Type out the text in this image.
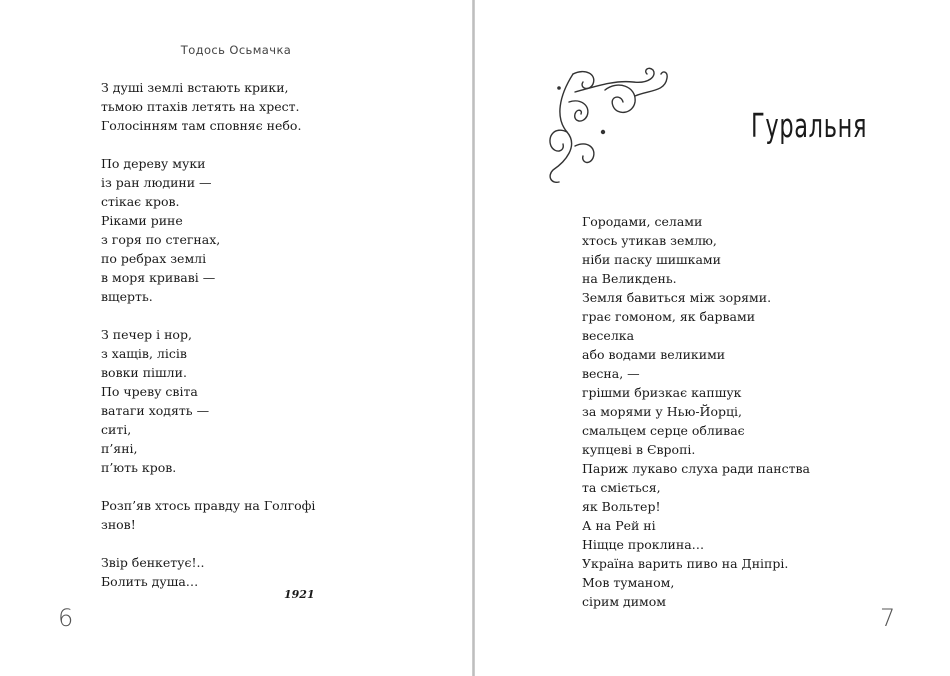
Тодось Осьмачка
З душі землі встають крики,
тьмою птахів летять на хрест.
Голосінням там сповняє небо.
По дереву муки
із ран людини —
стікає кров.
Ріками рине
з горя по стегнах,
по ребрах землі
в моря криваві —
вщерть.
З печер і нор,
з хащів, лісів
вовки пішли.
По чреву світа
ватаги ходять —
ситі,
п’яні,
п’ють кров.
Розп’яв хтось правду на Голгофі
знов!
Звір бенкетує!..
Болить душа…
1921
6
Гуральня
Городами, селами
хтось утикав землю,
ніби паску шишками
на Великдень.
Земля бавиться між зорями.
грає гомоном, як барвами
веселка
або водами великими
весна, —
грішми бризкає капшук
за морями у Нью-Йорці,
смальцем серце обливає
купцеві в Європі.
Париж лукаво слуха ради панства
та сміється,
як Вольтер!
А на Рей ні
Ніщце проклина…
Україна варить пиво на Дніпрі.
Мов туманом,
сірим димом
7
